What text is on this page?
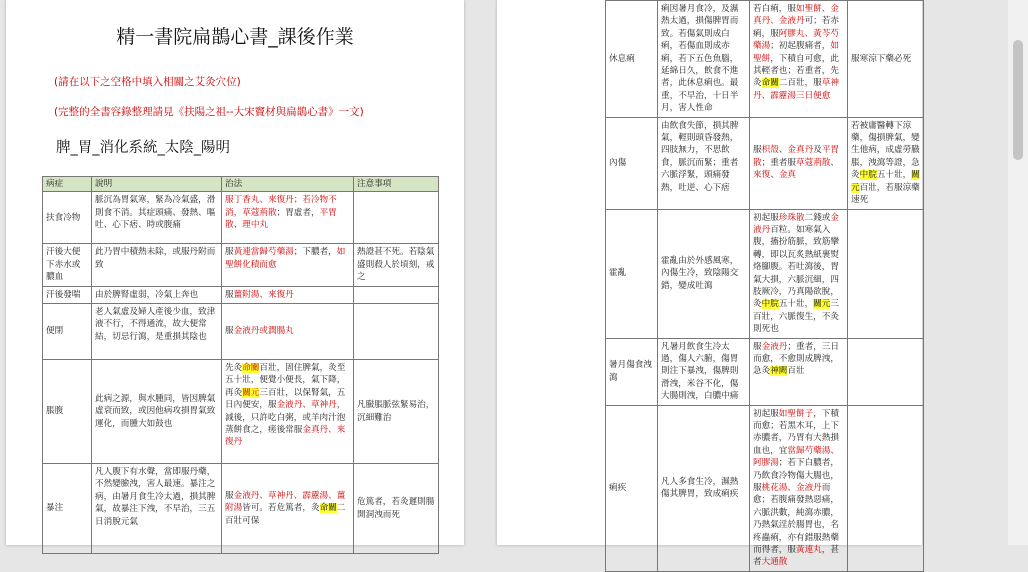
精一書院扁鵲心書_課後作業
(請在以下之空格中填入相關之艾灸穴位)
(完整的全書容錄整理請見《扶陽之祖--大宋竇材與扁鵲心書》一文)
脾_胃_消化系統_太陰_陽明
病症	說明	治法	注意事項
扶食冷物	脈沉為胃氣寒，緊為冷氣盛，滑則食不消。其症頭痛、發熱、嘔吐、心下痞、時或腹痛	服丁香丸、來復丹；若冷物不消，草蔻荊散；胃虛者，平胃散、理中丸	
汗後大便下赤水或膿血	此乃胃中積熱未除，或服丹附而致	服黃連當歸芍藥湯；下膿者，如聖餅化積而愈	熱證甚不死。若陰氣盛則殺人於頃刻，戒之
汗後發喘	由於脾腎虛弱，冷氣上奔也	服薑附湯、來復丹	
便閉	老人氣虛及婦人產後少血，致津液不行，不得通流，故大便常結，切忌行瀉，是重損其陰也	服金液丹或潤腸丸	
脹腹	此病之源，與水腫同，皆因脾氣虛衰而致，或因他病攻損胃氣致運化，而腫大如鼓也	先灸命關百壯，固住脾氣，灸至五十壯，便覺小便長，氣下降，再灸關元三百壯，以保腎氣，五日內便安，服金液丹、草神丹，減後，只許吃白粥，或羊肉汁泡蒸餅食之，瘥後常服金真丹、來復丹	凡臌脹脈弦緊易治，沉細難治
暴注	凡人腹下有水聲，當即服丹藥，不然變臉洩，害人最速。暴注之病，由暑月食生冷太過，損其脾氣，故暴注下洩，不早治，三五日消脫元氣	服金液丹、草神丹、霹靂湯、薑附湯皆可。若危篤者，灸命關二百壯可保	危篤者，若灸遲則腸開洞洩而死
休息痢	痢因暑月食冷，及濕熱太過，損傷脾胃而致。若傷氣則成白痢，若傷血則成赤痢，若下五色魚腦，延綿日久，飲食不進者，此休息痢也。最重，不早治，十日半月，害人性命	若白痢，服如聖餅、金真丹、金液丹可；若赤痢，服阿膠丸、黃芩芍藥湯；初起腹痛者，如聖餅，下積自可愈，此其輕者也；若重者，先灸命關二百壯，服草神丹、霹靂湯三日便愈	服寒涼下藥必死
內傷	由飲食失節，損其脾氣，輕則頭昏發熱，四肢無力，不思飲食，脈沉而緊；重者六脈浮緊，頭痛發熱，吐逆、心下痞	服枳殼、金真丹及平胃散；重者服草蔻荊散、來復、金真	若被庸醫轉下涼藥，傷損脾氣，變生他病，成虛勞臌脹，洩瀉等證，急灸中脘五十壯，關元百壯，若服涼藥速死
霍亂	霍亂由於外感風寒，內傷生冷，致陰陽交錯，變成吐瀉	初起服珍珠散二錢或金液丹百粒。如寒氣入腹，搐扮筋脈，致筋攣轉，即以瓦炙熱紙裹熨烙腳腹。若吐瀉後，胃氣大損，六脈沉細，四肢厥冷，乃真陽欲脫，灸中脘五十壯，關元三百壯，六脈復生，不灸則死也	
暑月傷食洩瀉	凡暑月飲食生冷太過，傷人六腑，傷胃則注下暴洩，傷脾則滑洩，米谷不化，傷大腸則洩，白膿中痛	服金液丹；重者，三日而愈，不愈則成脾洩，急灸神闕百壯	
痢疾	凡人多食生冷，濕熱傷其脾胃，致成痢疾	初起服如聖餅子，下積而愈；若黑木耳，上下赤膿者，乃胃有大熱損血也，宜當歸芍藥湯、阿膠湯；若下白膿者，乃飲食冷物傷大腸也，服桃花湯、金液丹而愈；若腹痛發熱惡痛，六脈洪數，純瀉赤膿，乃熱氣淫於腸胃也，名疼蟲痢，亦有錯服熱藥而得者，服黃連丸，甚者大通散	
